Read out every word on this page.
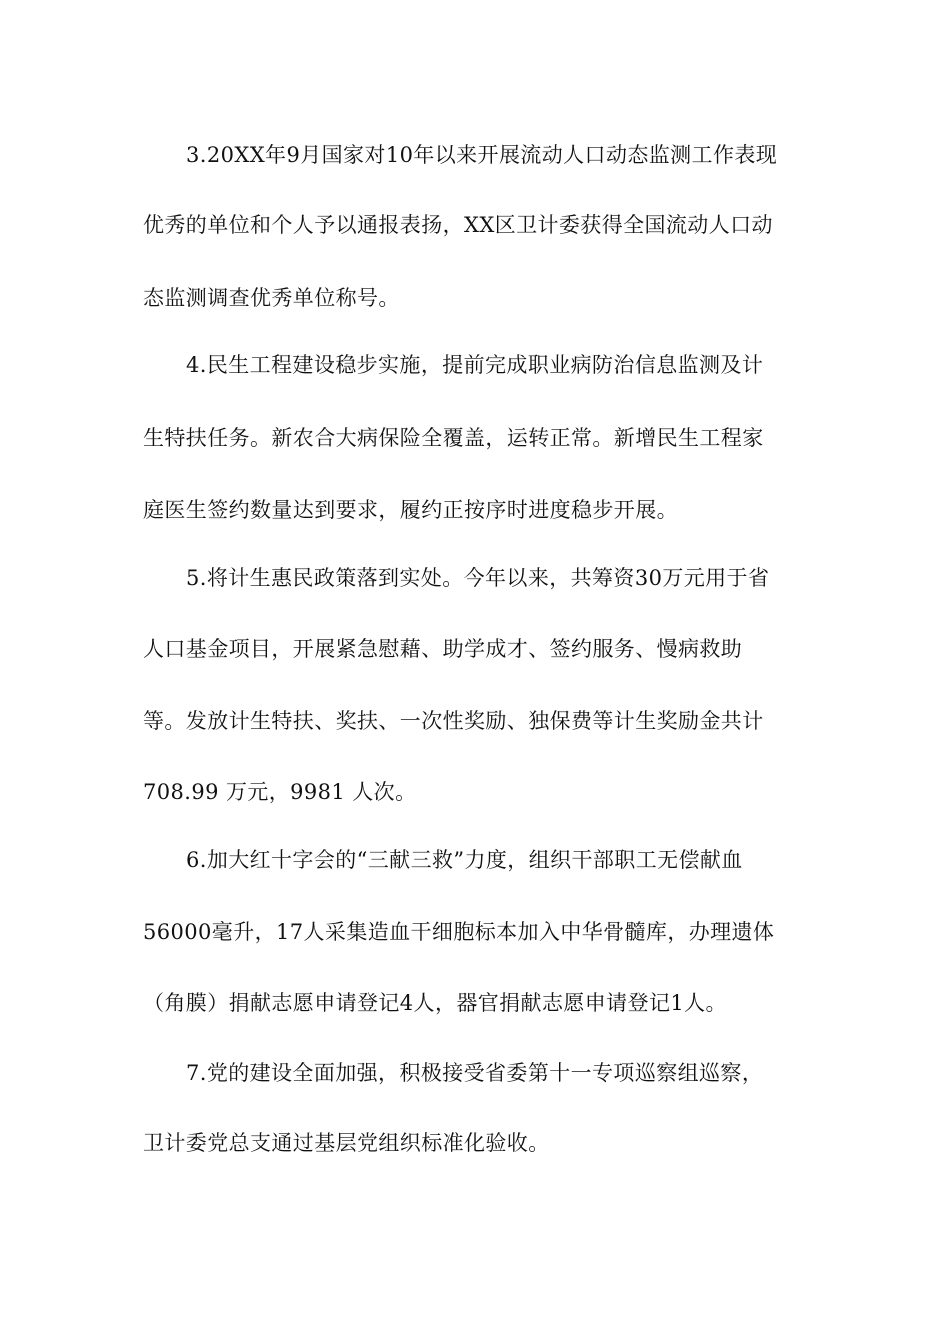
3.20XX年9月国家对10年以来开展流动人口动态监测工作表现
优秀的单位和个人予以通报表扬，XX区卫计委获得全国流动人口动
态监测调查优秀单位称号。
4.民生工程建设稳步实施，提前完成职业病防治信息监测及计
生特扶任务。新农合大病保险全覆盖，运转正常。新增民生工程家
庭医生签约数量达到要求，履约正按序时进度稳步开展。
5.将计生惠民政策落到实处。今年以来，共筹资30万元用于省
人口基金项目，开展紧急慰藉、助学成才、签约服务、慢病救助
等。发放计生特扶、奖扶、一次性奖励、独保费等计生奖励金共计
708.99 万元，9981 人次。
6.加大红十字会的“三献三救”力度，组织干部职工无偿献血
56000毫升，17人采集造血干细胞标本加入中华骨髓库，办理遗体
（角膜）捐献志愿申请登记4人，器官捐献志愿申请登记1人。
7.党的建设全面加强，积极接受省委第十一专项巡察组巡察，
卫计委党总支通过基层党组织标准化验收。
